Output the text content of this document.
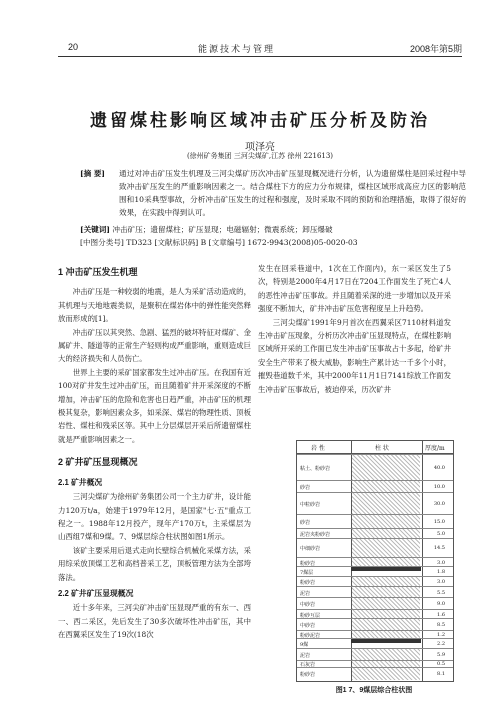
20	能源技术与管理	2008年第5期
遗留煤柱影响区域冲击矿压分析及防治
项泽亮
(徐州矿务集团 三河尖煤矿,江苏 徐州 221613)
[摘 要] 通过对冲击矿压发生机理及三河尖煤矿历次冲击矿压显现概况进行分析，认为遗留煤柱是回采过程中导致冲击矿压发生的严重影响因素之一。结合煤柱下方的应力分布规律，煤柱区域形成高应力区的影响范围和10采典型事故，分析冲击矿压发生的过程和强度，及时采取不同的预防和治理措施，取得了很好的效果，在实践中得到认可。
[关键词] 冲击矿压；遗留煤柱；矿压显现；电磁辐射；微震系统；卸压爆破
[中图分类号] TD323 [文献标识码] B [文章编号] 1672-9943(2008)05-0020-03
1 冲击矿压发生机理

冲击矿压是一种较弱的地震，是人为采矿活动造成的，其机理与天地地震类似，是聚积在煤岩体中的弹性能突然释放而形成的[1]。

冲击矿压以其突然、急剧、猛烈的破坏特征对煤矿、金属矿井、隧道等的正常生产轻则构成严重影响，重则造成巨大的经济损失和人员伤亡。

世界上主要的采矿国家都发生过冲击矿压。在我国有近100对矿井发生过冲击矿压，而且随着矿井开采深度的不断增加，冲击矿压的危险和危害也日趋严重，冲击矿压的机理极其复杂，影响因素众多，如采深、煤岩的物理性质、顶板岩性、煤柱和残采区等。其中上分层煤层开采后所遗留煤柱就是严重影响因素之一。

2 矿井矿压显现概况
2.1 矿井概况

三河尖煤矿为徐州矿务集团公司一个主力矿井，设计能力120万t/a，始建于1979年12月，是国家"七·五"重点工程之一。1988年12月投产，现年产170万t，主采煤层为山西组7煤和9煤。7、9煤层综合柱状图如图1所示。

该矿主要采用后退式走向长壁综合机械化采煤方法，采用综采放顶煤工艺和高档普采工艺，顶板管理方法为全部垮落法。

2.2 矿井矿压显现概况

近十多年来，三河尖矿冲击矿压显现严重的有东一、西一、西二采区，先后发生了30多次破坏性冲击矿压，其中在西翼采区发生了19次(18次

发生在回采巷道中，1次在工作面内)，东一采区发生了5次，特别是2000年4月17日在7204工作面发生了死亡4人的恶性冲击矿压事故。并且随着采深的进一步增加以及开采强度不断加大，矿井冲击矿压危害程度呈上升趋势。

三河尖煤矿1991年9月首次在西翼采区7110材料道发生冲击矿压现象，分析历次冲击矿压显现特点，在煤柱影响区域所开采的工作面已发生冲击矿压事故占十多起，给矿井安全生产带来了极大威胁，影响生产累计达一千多个小时，摧毁巷道数千米，其中2000年11月1日7141综放工作面发生冲击矿压事故后，被迫停采，历次矿井

岩 性	柱 状	厚度/m
粘土、粉砂岩	40.0
砂岩	10.0
中粒砂岩	30.0
砂岩	15.0
泥岩夹粉砂岩	5.0
中细砂岩	14.5
粉砂岩	3.0
7煤层	1.8
粉砂岩	3.0
泥岩	5.5
中砂岩	9.0
粉砂互层	1.6
中砂岩	8.5
粉砂泥岩	1.2
9煤	2.2
泥岩	5.9
石灰岩	0.5
粉砂岩	8.1
图1 7、9煤层综合柱状图
